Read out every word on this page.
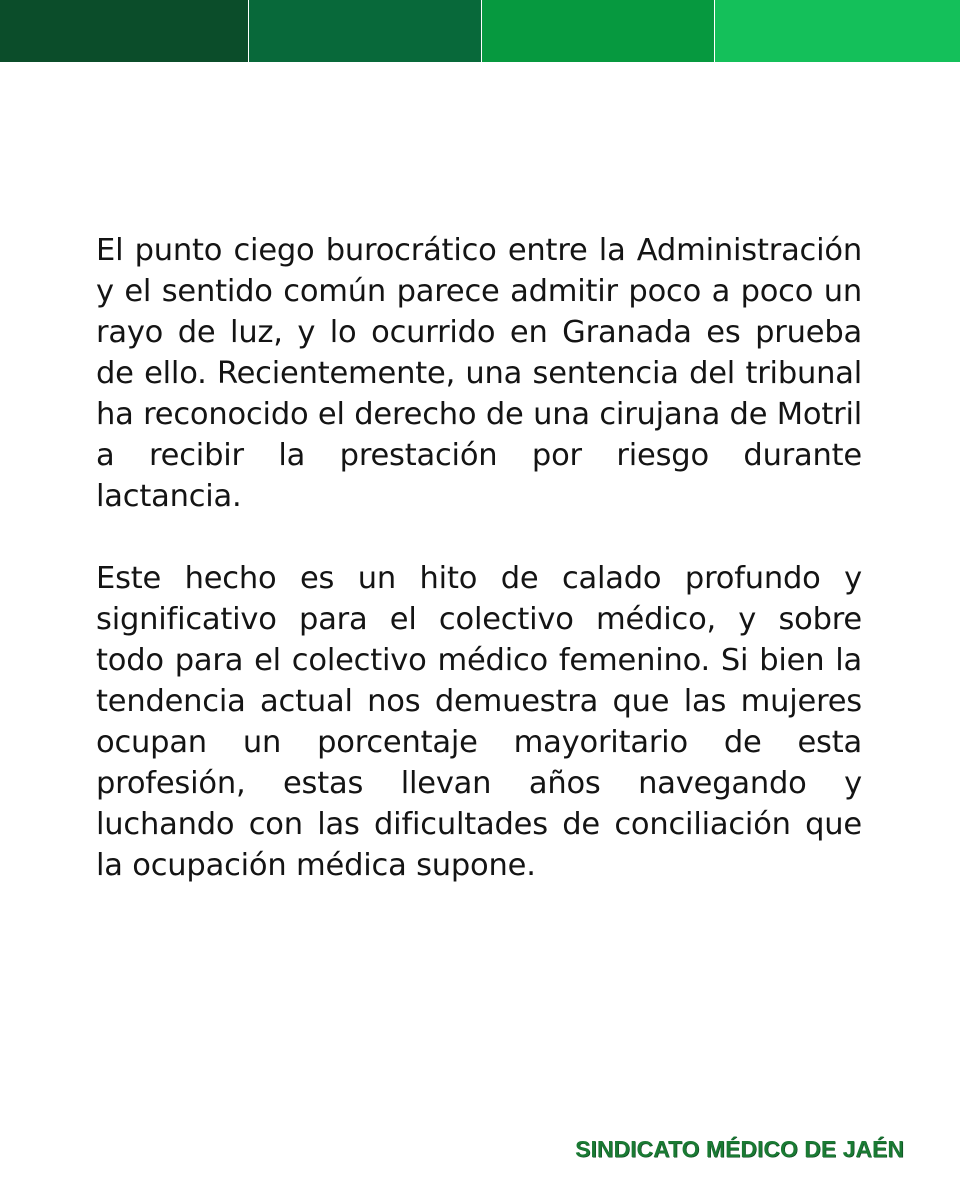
El punto ciego burocrático entre la Administración y el sentido común parece admitir poco a poco un rayo de luz, y lo ocurrido en Granada es prueba de ello. Recientemente, una sentencia del tribunal ha reconocido el derecho de una cirujana de Motril a recibir la prestación por riesgo durante lactancia.

Este hecho es un hito de calado profundo y significativo para el colectivo médico, y sobre todo para el colectivo médico femenino. Si bien la tendencia actual nos demuestra que las mujeres ocupan un porcentaje mayoritario de esta profesión, estas llevan años navegando y luchando con las dificultades de conciliación que la ocupación médica supone.

SINDICATO MÉDICO DE JAÉN
